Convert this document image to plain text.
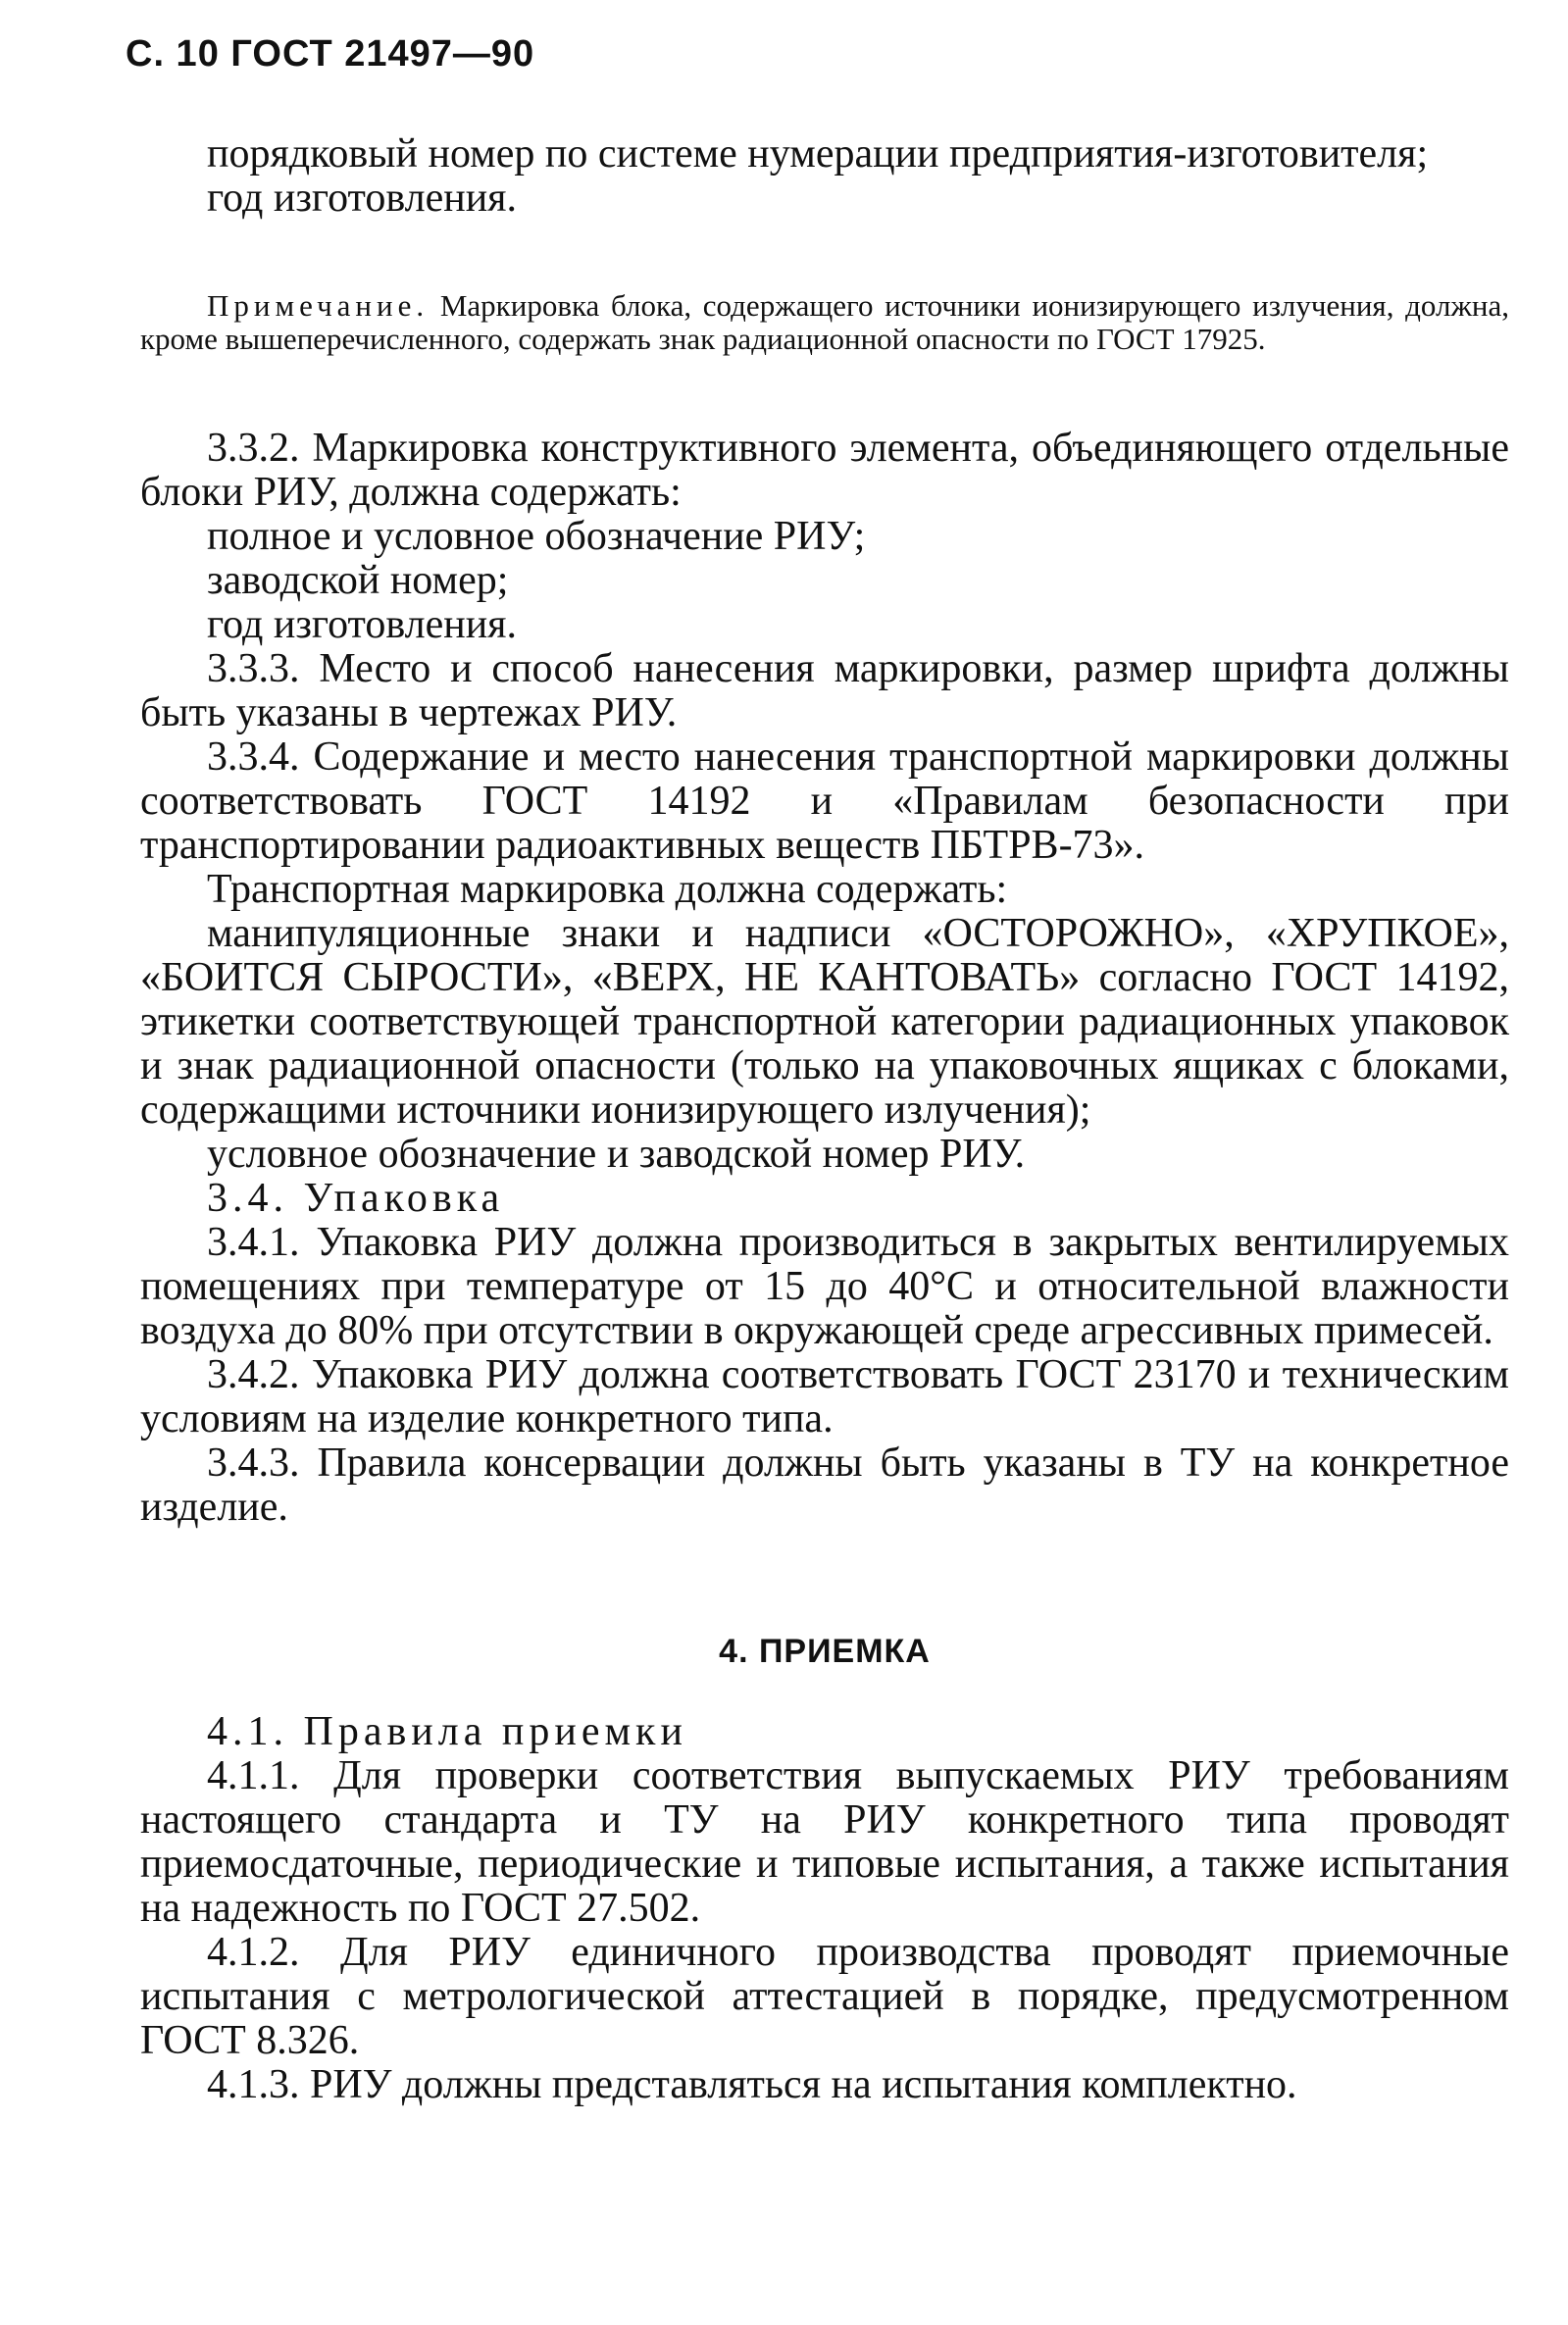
С. 10 ГОСТ 21497—90

порядковый номер по системе нумерации предприятия-изготовителя;

год изготовления.

Примечание. Маркировка блока, содержащего источники ионизирующего излучения, должна, кроме вышеперечисленного, содержать знак радиационной опасности по ГОСТ 17925.

3.3.2. Маркировка конструктивного элемента, объединяющего отдельные блоки РИУ, должна содержать:

полное и условное обозначение РИУ;

заводской номер;

год изготовления.

3.3.3. Место и способ нанесения маркировки, размер шрифта должны быть указаны в чертежах РИУ.

3.3.4. Содержание и место нанесения транспортной маркировки должны соответствовать ГОСТ 14192 и «Правилам безопасности при транспортировании радиоактивных веществ ПБТРВ-73».

Транспортная маркировка должна содержать:

манипуляционные знаки и надписи «ОСТОРОЖНО», «ХРУПКОЕ», «БОИТСЯ СЫРОСТИ», «ВЕРХ, НЕ КАНТОВАТЬ» согласно ГОСТ 14192, этикетки соответствующей транспортной категории радиационных упаковок и знак радиационной опасности (только на упаковочных ящиках с блоками, содержащими источники ионизирующего излучения);

условное обозначение и заводской номер РИУ.

3.4. Упаковка

3.4.1. Упаковка РИУ должна производиться в закрытых вентилируемых помещениях при температуре от 15 до 40°С и относительной влажности воздуха до 80% при отсутствии в окружающей среде агрессивных примесей.

3.4.2. Упаковка РИУ должна соответствовать ГОСТ 23170 и техническим условиям на изделие конкретного типа.

3.4.3. Правила консервации должны быть указаны в ТУ на конкретное изделие.

4. ПРИЕМКА

4.1. Правила приемки

4.1.1. Для проверки соответствия выпускаемых РИУ требованиям настоящего стандарта и ТУ на РИУ конкретного типа проводят приемосдаточные, периодические и типовые испытания, а также испытания на надежность по ГОСТ 27.502.

4.1.2. Для РИУ единичного производства проводят приемочные испытания с метрологической аттестацией в порядке, предусмотренном ГОСТ 8.326.

4.1.3. РИУ должны представляться на испытания комплектно.
